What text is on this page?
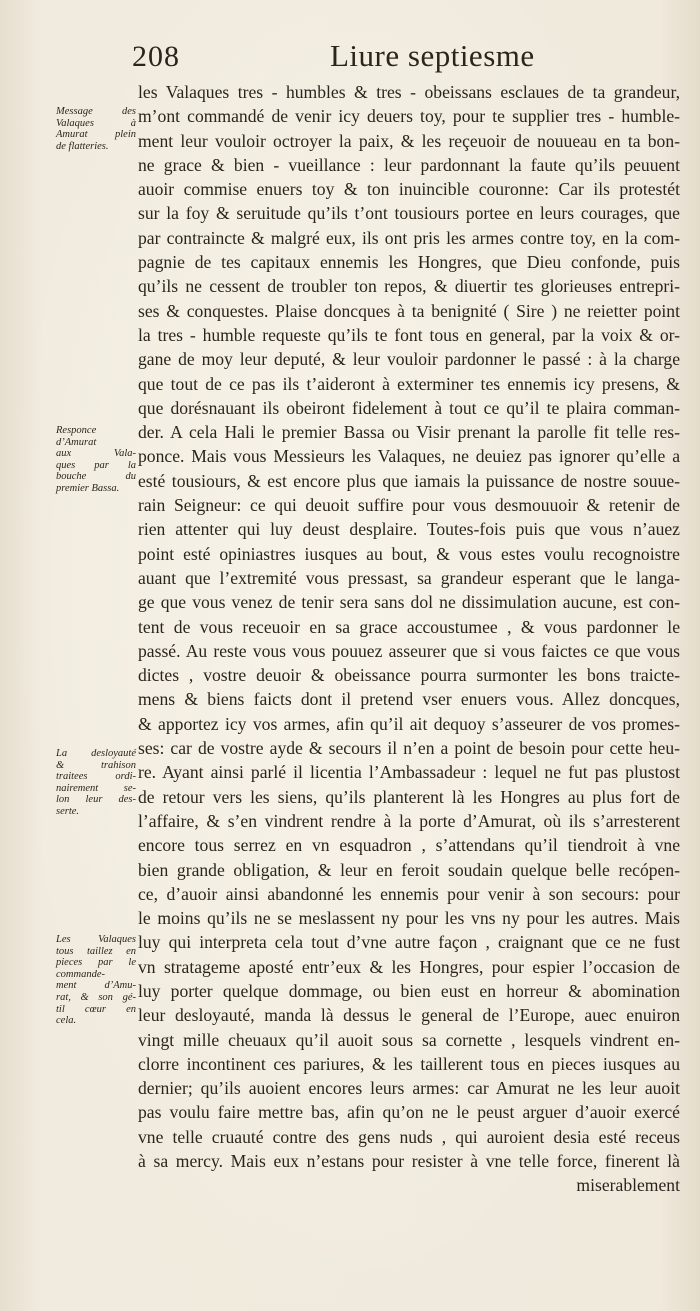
208	Liure septiesme
les Valaques tres - humbles & tres - obeissans esclaues de ta grandeur,
m’ont commandé de venir icy deuers toy, pour te supplier tres - humble-
ment leur vouloir octroyer la paix, & les reçeuoir de nouueau en ta bon-
ne grace & bien - vueillance : leur pardonnant la faute qu’ils peuuent
auoir commise enuers toy & ton inuincible couronne: Car ils protestét
sur la foy & seruitude qu’ils t’ont tousiours portee en leurs courages, que
par contraincte & malgré eux, ils ont pris les armes contre toy, en la com-
pagnie de tes capitaux ennemis les Hongres, que Dieu confonde, puis
qu’ils ne cessent de troubler ton repos, & diuertir tes glorieuses entrepri-
ses & conquestes. Plaise doncques à ta benignité ( Sire ) ne reietter point
la tres - humble requeste qu’ils te font tous en general, par la voix & or-
gane de moy leur deputé, & leur vouloir pardonner le passé : à la charge
que tout de ce pas ils t’aideront à exterminer tes ennemis icy presens, &
que dorésnauant ils obeiront fidelement à tout ce qu’il te plaira comman-
der. A cela Hali le premier Bassa ou Visir prenant la parolle fit telle res-
ponce. Mais vous Messieurs les Valaques, ne deuiez pas ignorer qu’elle a
esté tousiours, & est encore plus que iamais la puissance de nostre souue-
rain Seigneur: ce qui deuoit suffire pour vous desmouuoir & retenir de
rien attenter qui luy deust desplaire. Toutes-fois puis que vous n’auez
point esté opiniastres iusques au bout, & vous estes voulu recognoistre
auant que l’extremité vous pressast, sa grandeur esperant que le langa-
ge que vous venez de tenir sera sans dol ne dissimulation aucune, est con-
tent de vous receuoir en sa grace accoustumee , & vous pardonner le
passé. Au reste vous vous pouuez asseurer que si vous faictes ce que vous
dictes , vostre deuoir & obeissance pourra surmonter les bons traicte-
mens & biens faicts dont il pretend vser enuers vous. Allez doncques,
& apportez icy vos armes, afin qu’il ait dequoy s’asseurer de vos promes-
ses: car de vostre ayde & secours il n’en a point de besoin pour cette heu-
re. Ayant ainsi parlé il licentia l’Ambassadeur : lequel ne fut pas plustost
de retour vers les siens, qu’ils planterent là les Hongres au plus fort de
l’affaire, & s’en vindrent rendre à la porte d’Amurat, où ils s’arresterent
encore tous serrez en vn esquadron , s’attendans qu’il tiendroit à vne
bien grande obligation, & leur en feroit soudain quelque belle recópen-
ce, d’auoir ainsi abandonné les ennemis pour venir à son secours: pour
le moins qu’ils ne se meslassent ny pour les vns ny pour les autres. Mais
luy qui interpreta cela tout d’vne autre façon , craignant que ce ne fust
vn stratageme aposté entr’eux & les Hongres, pour espier l’occasion de
luy porter quelque dommage, ou bien eust en horreur & abomination
leur desloyauté, manda là dessus le general de l’Europe, auec enuiron
vingt mille cheuaux qu’il auoit sous sa cornette , lesquels vindrent en-
clorre incontinent ces pariures, & les taillerent tous en pieces iusques au
dernier; qu’ils auoient encores leurs armes: car Amurat ne les leur auoit
pas voulu faire mettre bas, afin qu’on ne le peust arguer d’auoir exercé
vne telle cruauté contre des gens nuds , qui auroient desia esté receus
à sa mercy. Mais eux n’estans pour resister à vne telle force, finerent là
miserablement
Message des
Valaques à
Amurat plein
de flatteries.
Responce
d’Amurat
aux Vala-
ques par la
bouche du
premier Bassa.
La desloyauté
& trahison
traitees ordi-
nairement se-
lon leur des-
serte.
Les Valaques
tous taillez en
pieces par le
commande-
ment d’Amu-
rat, & son gé-
til cœur en
cela.
